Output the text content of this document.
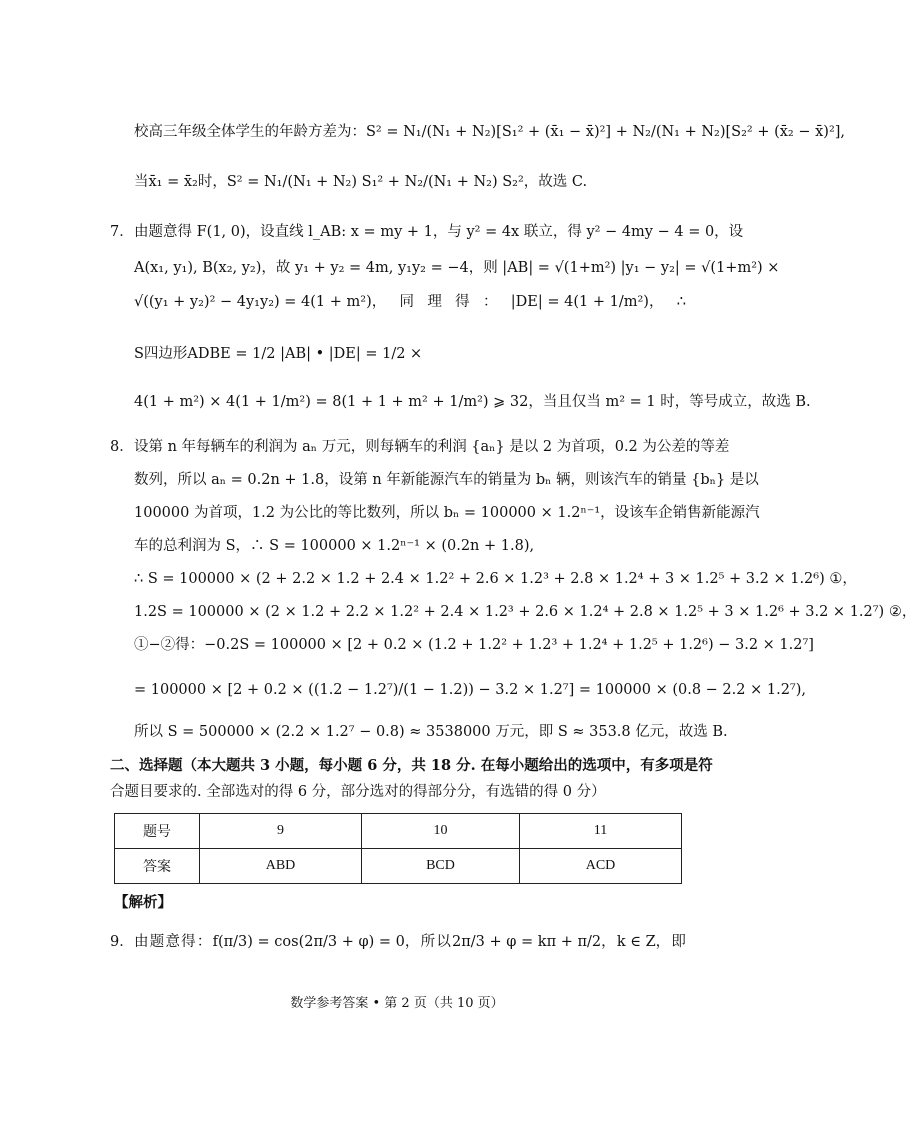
校高三年级全体学生的年龄方差为：S² = N₁/(N₁ + N₂)[S₁² + (x̄₁ − x̄)²] + N₂/(N₁ + N₂)[S₂² + (x̄₂ − x̄)²],
当x̄₁ = x̄₂时，S² = N₁/(N₁ + N₂) S₁² + N₂/(N₁ + N₂) S₂²，故选 C.
7． 由题意得 F(1, 0)，设直线 l_AB: x = my + 1，与 y² = 4x 联立，得 y² − 4my − 4 = 0，设
A(x₁, y₁), B(x₂, y₂)，故 y₁ + y₂ = 4m, y₁y₂ = −4，则 |AB| = √(1+m²) |y₁ − y₂| = √(1+m²) ×
√((y₁ + y₂)² − 4y₁y₂) = 4(1 + m²)， 同 理 得 ： |DE| = 4(1 + 1/m²)， ∴
S四边形ADBE = 1/2 |AB| • |DE| = 1/2 ×
4(1 + m²) × 4(1 + 1/m²) = 8(1 + 1 + m² + 1/m²) ⩾ 32，当且仅当 m² = 1 时，等号成立，故选 B.
8． 设第 n 年每辆车的利润为 aₙ 万元，则每辆车的利润 {aₙ} 是以 2 为首项，0.2 为公差的等差
数列，所以 aₙ = 0.2n + 1.8，设第 n 年新能源汽车的销量为 bₙ 辆，则该汽车的销量 {bₙ} 是以
100000 为首项，1.2 为公比的等比数列，所以 bₙ = 100000 × 1.2ⁿ⁻¹，设该车企销售新能源汽
车的总利润为 S，∴ S = 100000 × 1.2ⁿ⁻¹ × (0.2n + 1.8),
∴ S = 100000 × (2 + 2.2 × 1.2 + 2.4 × 1.2² + 2.6 × 1.2³ + 2.8 × 1.2⁴ + 3 × 1.2⁵ + 3.2 × 1.2⁶) ①，
1.2S = 100000 × (2 × 1.2 + 2.2 × 1.2² + 2.4 × 1.2³ + 2.6 × 1.2⁴ + 2.8 × 1.2⁵ + 3 × 1.2⁶ + 3.2 × 1.2⁷) ②，
①−②得：−0.2S = 100000 × [2 + 0.2 × (1.2 + 1.2² + 1.2³ + 1.2⁴ + 1.2⁵ + 1.2⁶) − 3.2 × 1.2⁷]
= 100000 × [2 + 0.2 × ((1.2 − 1.2⁷)/(1 − 1.2)) − 3.2 × 1.2⁷] = 100000 × (0.8 − 2.2 × 1.2⁷),
所以 S = 500000 × (2.2 × 1.2⁷ − 0.8) ≈ 3538000 万元，即 S ≈ 353.8 亿元，故选 B.
二、选择题（本大题共 3 小题，每小题 6 分，共 18 分. 在每小题给出的选项中，有多项是符
合题目要求的. 全部选对的得 6 分，部分选对的得部分分，有选错的得 0 分）
题号	9	10	11
答案	ABD	BCD	ACD
【解析】
9． 由 题 意 得 ： f(π/3) = cos(2π/3 + φ) = 0， 所 以 2π/3 + φ = kπ + π/2， k ∈ Z， 即
数学参考答案 • 第 2 页（共 10 页）
